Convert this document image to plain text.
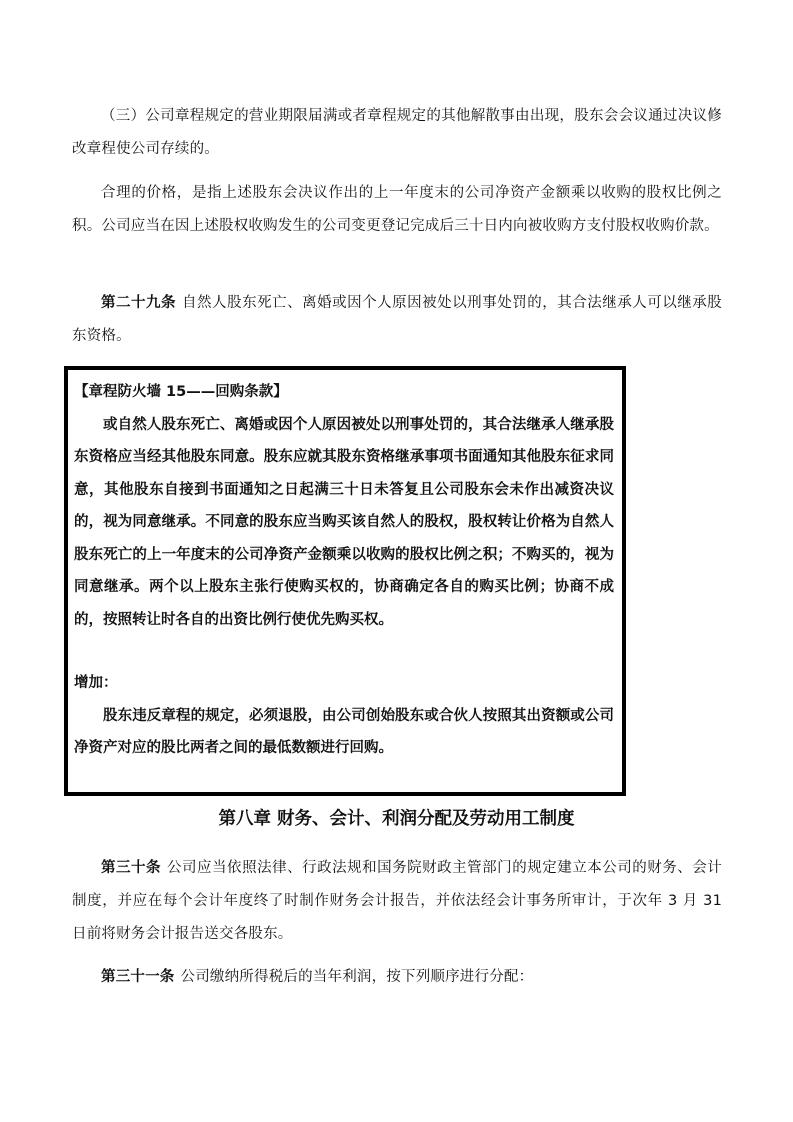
（三）公司章程规定的营业期限届满或者章程规定的其他解散事由出现，股东会会议通过决议修改章程使公司存续的。

合理的价格，是指上述股东会决议作出的上一年度末的公司净资产金额乘以收购的股权比例之积。公司应当在因上述股权收购发生的公司变更登记完成后三十日内向被收购方支付股权收购价款。

第二十九条 自然人股东死亡、离婚或因个人原因被处以刑事处罚的，其合法继承人可以继承股东资格。

【章程防火墙 15——回购条款】

或自然人股东死亡、离婚或因个人原因被处以刑事处罚的，其合法继承人继承股东资格应当经其他股东同意。股东应就其股东资格继承事项书面通知其他股东征求同意，其他股东自接到书面通知之日起满三十日未答复且公司股东会未作出减资决议的，视为同意继承。不同意的股东应当购买该自然人的股权，股权转让价格为自然人股东死亡的上一年度末的公司净资产金额乘以收购的股权比例之积；不购买的，视为同意继承。两个以上股东主张行使购买权的，协商确定各自的购买比例；协商不成的，按照转让时各自的出资比例行使优先购买权。

增加：

股东违反章程的规定，必须退股，由公司创始股东或合伙人按照其出资额或公司净资产对应的股比两者之间的最低数额进行回购。

第八章 财务、会计、利润分配及劳动用工制度

第三十条 公司应当依照法律、行政法规和国务院财政主管部门的规定建立本公司的财务、会计制度，并应在每个会计年度终了时制作财务会计报告，并依法经会计事务所审计，于次年 3 月 31 日前将财务会计报告送交各股东。

第三十一条 公司缴纳所得税后的当年利润，按下列顺序进行分配：
